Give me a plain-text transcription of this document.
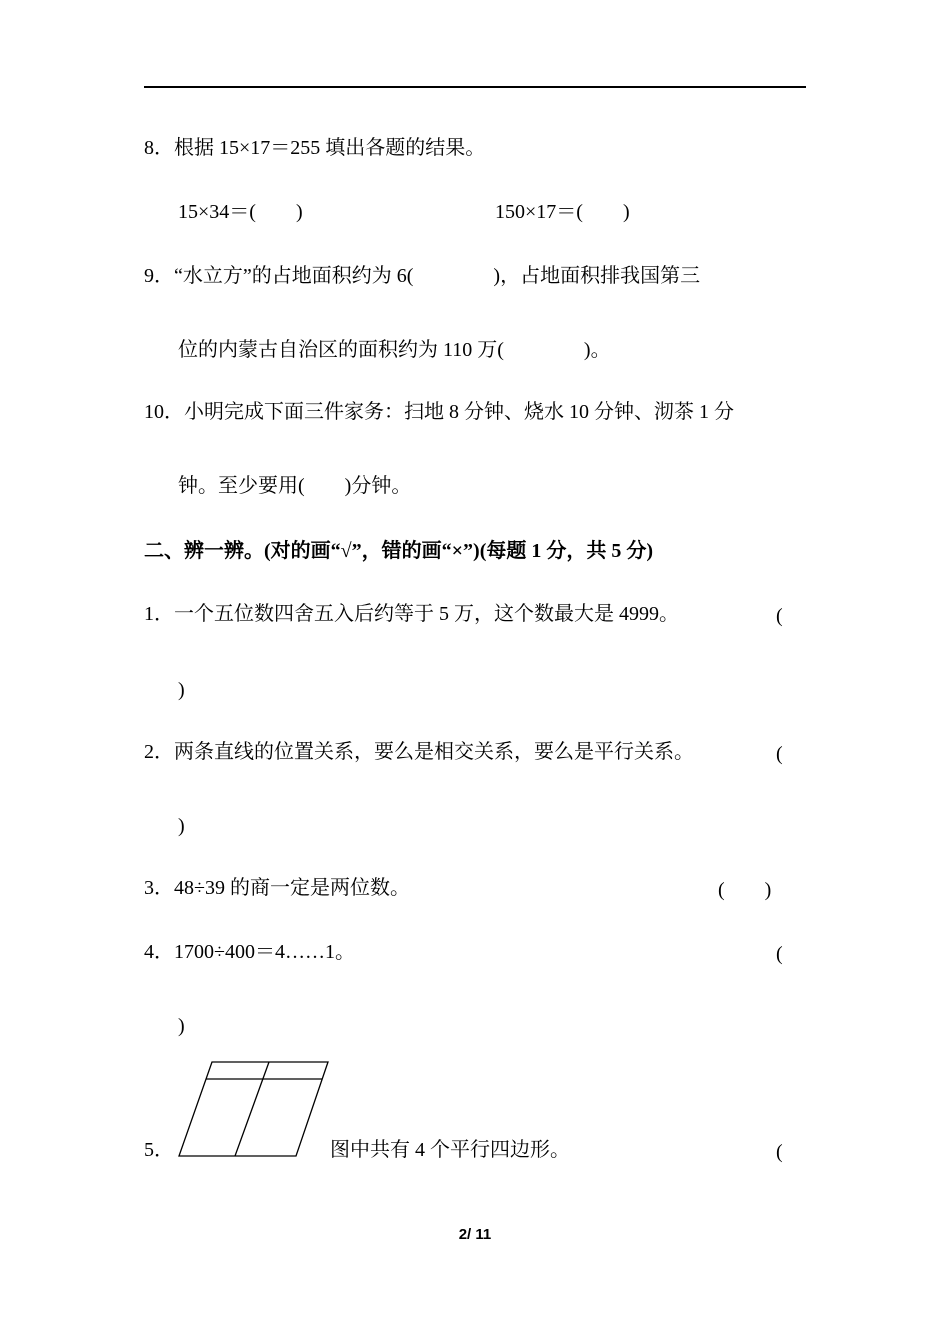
8．根据 15×17＝255 填出各题的结果。
15×34＝(　　)	150×17＝(　　)
9．“水立方”的占地面积约为 6(　　　　)，占地面积排我国第三
位的内蒙古自治区的面积约为 110 万(　　　　)。
10．小明完成下面三件家务：扫地 8 分钟、烧水 10 分钟、沏茶 1 分
钟。至少要用(　　)分钟。
二、辨一辨。(对的画“√”，错的画“×”)(每题 1 分，共 5 分)
1．一个五位数四舍五入后约等于 5 万，这个数最大是 4999。	(
)
2．两条直线的位置关系，要么是相交关系，要么是平行关系。	(
)
3．48÷39 的商一定是两位数。	(　　)
4．1700÷400＝4……1。	(
)
5．	图中共有 4 个平行四边形。	(
2/ 11
